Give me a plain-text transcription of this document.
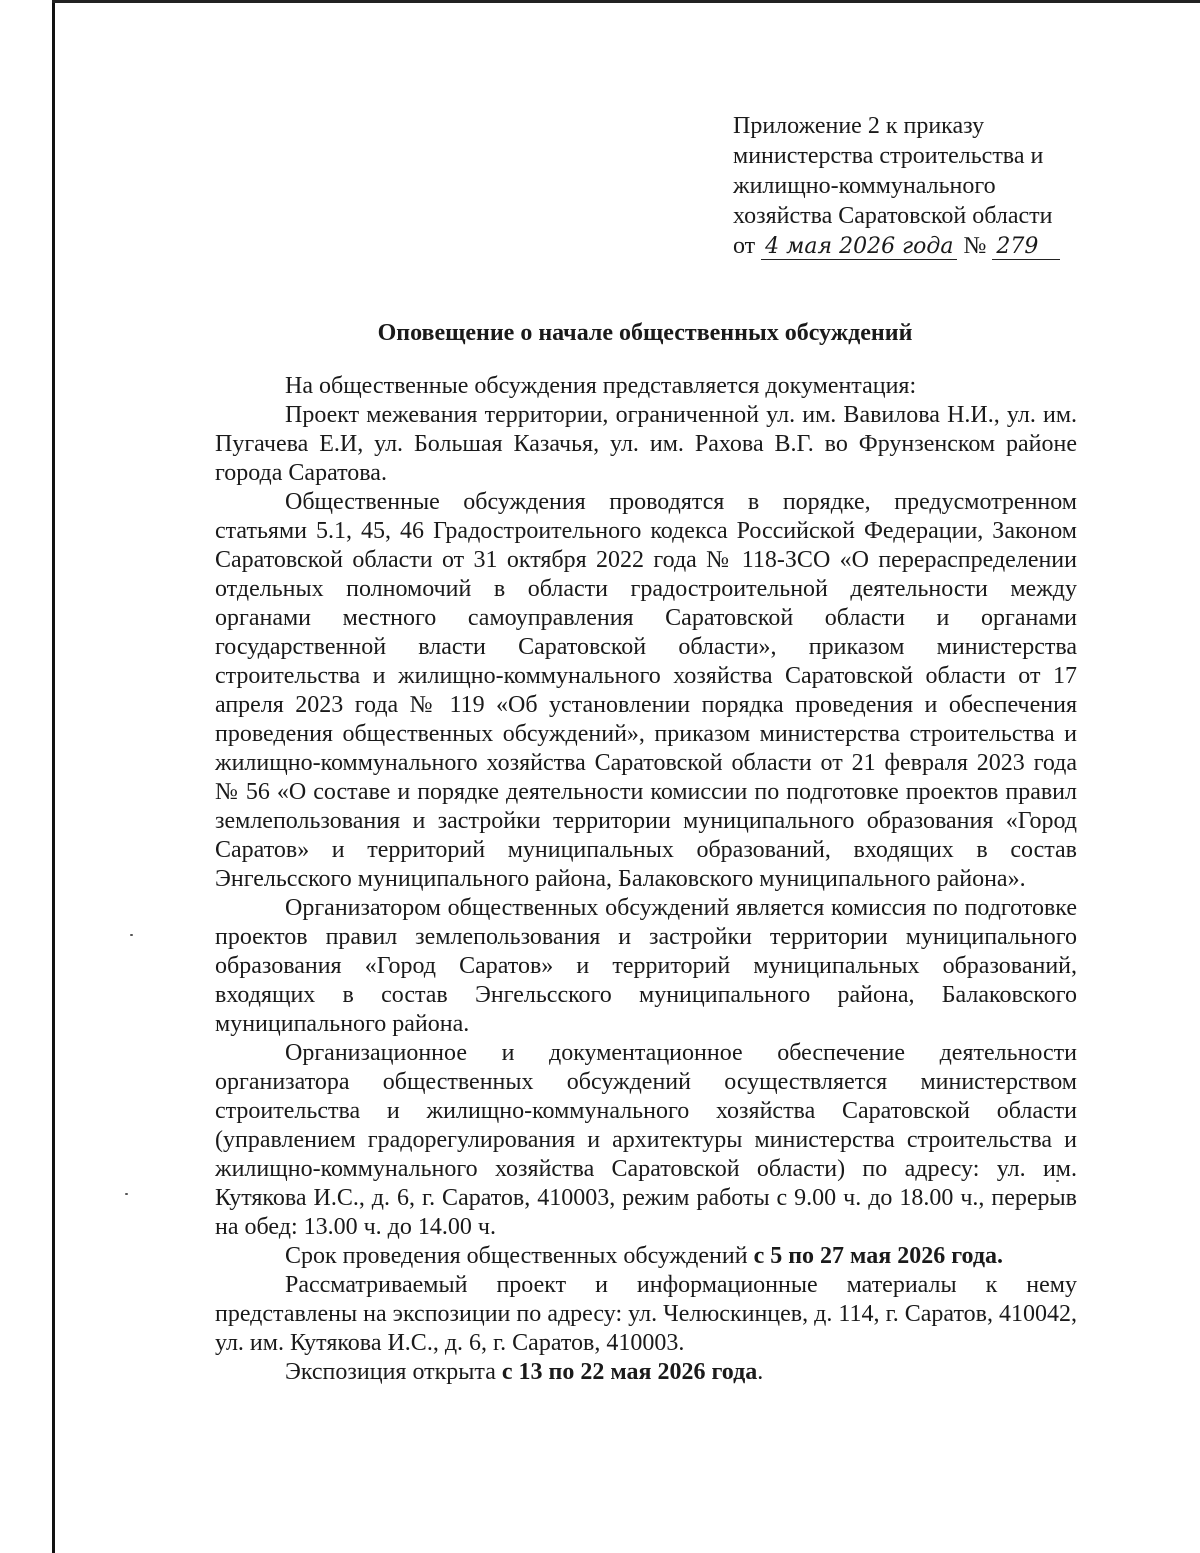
Приложение 2 к приказу
министерства строительства и
жилищно-коммунального
хозяйства Саратовской области
от 4 мая 2026 года № 279
Оповещение о начале общественных обсуждений

На общественные обсуждения представляется документация:

Проект межевания территории, ограниченной ул. им. Вавилова Н.И., ул. им. Пугачева Е.И, ул. Большая Казачья, ул. им. Рахова В.Г. во Фрунзенском районе города Саратова.

Общественные обсуждения проводятся в порядке, предусмотренном статьями 5.1, 45, 46 Градостроительного кодекса Российской Федерации, Законом Саратовской области от 31 октября 2022 года № 118-ЗСО «О перераспределении отдельных полномочий в области градостроительной деятельности между органами местного самоуправления Саратовской области и органами государственной власти Саратовской области», приказом министерства строительства и жилищно-коммунального хозяйства Саратовской области от 17 апреля 2023 года № 119 «Об установлении порядка проведения и обеспечения проведения общественных обсуждений», приказом министерства строительства и жилищно-коммунального хозяйства Саратовской области от 21 февраля 2023 года № 56 «О составе и порядке деятельности комиссии по подготовке проектов правил землепользования и застройки территории муниципального образования «Город Саратов» и территорий муниципальных образований, входящих в состав Энгельсского муниципального района, Балаковского муниципального района».

Организатором общественных обсуждений является комиссия по подготовке проектов правил землепользования и застройки территории муниципального образования «Город Саратов» и территорий муниципальных образований, входящих в состав Энгельсского муниципального района, Балаковского муниципального района.

Организационное и документационное обеспечение деятельности организатора общественных обсуждений осуществляется министерством строительства и жилищно-коммунального хозяйства Саратовской области (управлением градорегулирования и архитектуры министерства строительства и жилищно-коммунального хозяйства Саратовской области) по адресу: ул. им. Кутякова И.С., д. 6, г. Саратов, 410003, режим работы с 9.00 ч. до 18.00 ч., перерыв на обед: 13.00 ч. до 14.00 ч.

Срок проведения общественных обсуждений с 5 по 27 мая 2026 года.

Рассматриваемый проект и информационные материалы к нему представлены на экспозиции по адресу: ул. Челюскинцев, д. 114, г. Саратов, 410042, ул. им. Кутякова И.С., д. 6, г. Саратов, 410003.

Экспозиция открыта с 13 по 22 мая 2026 года.
